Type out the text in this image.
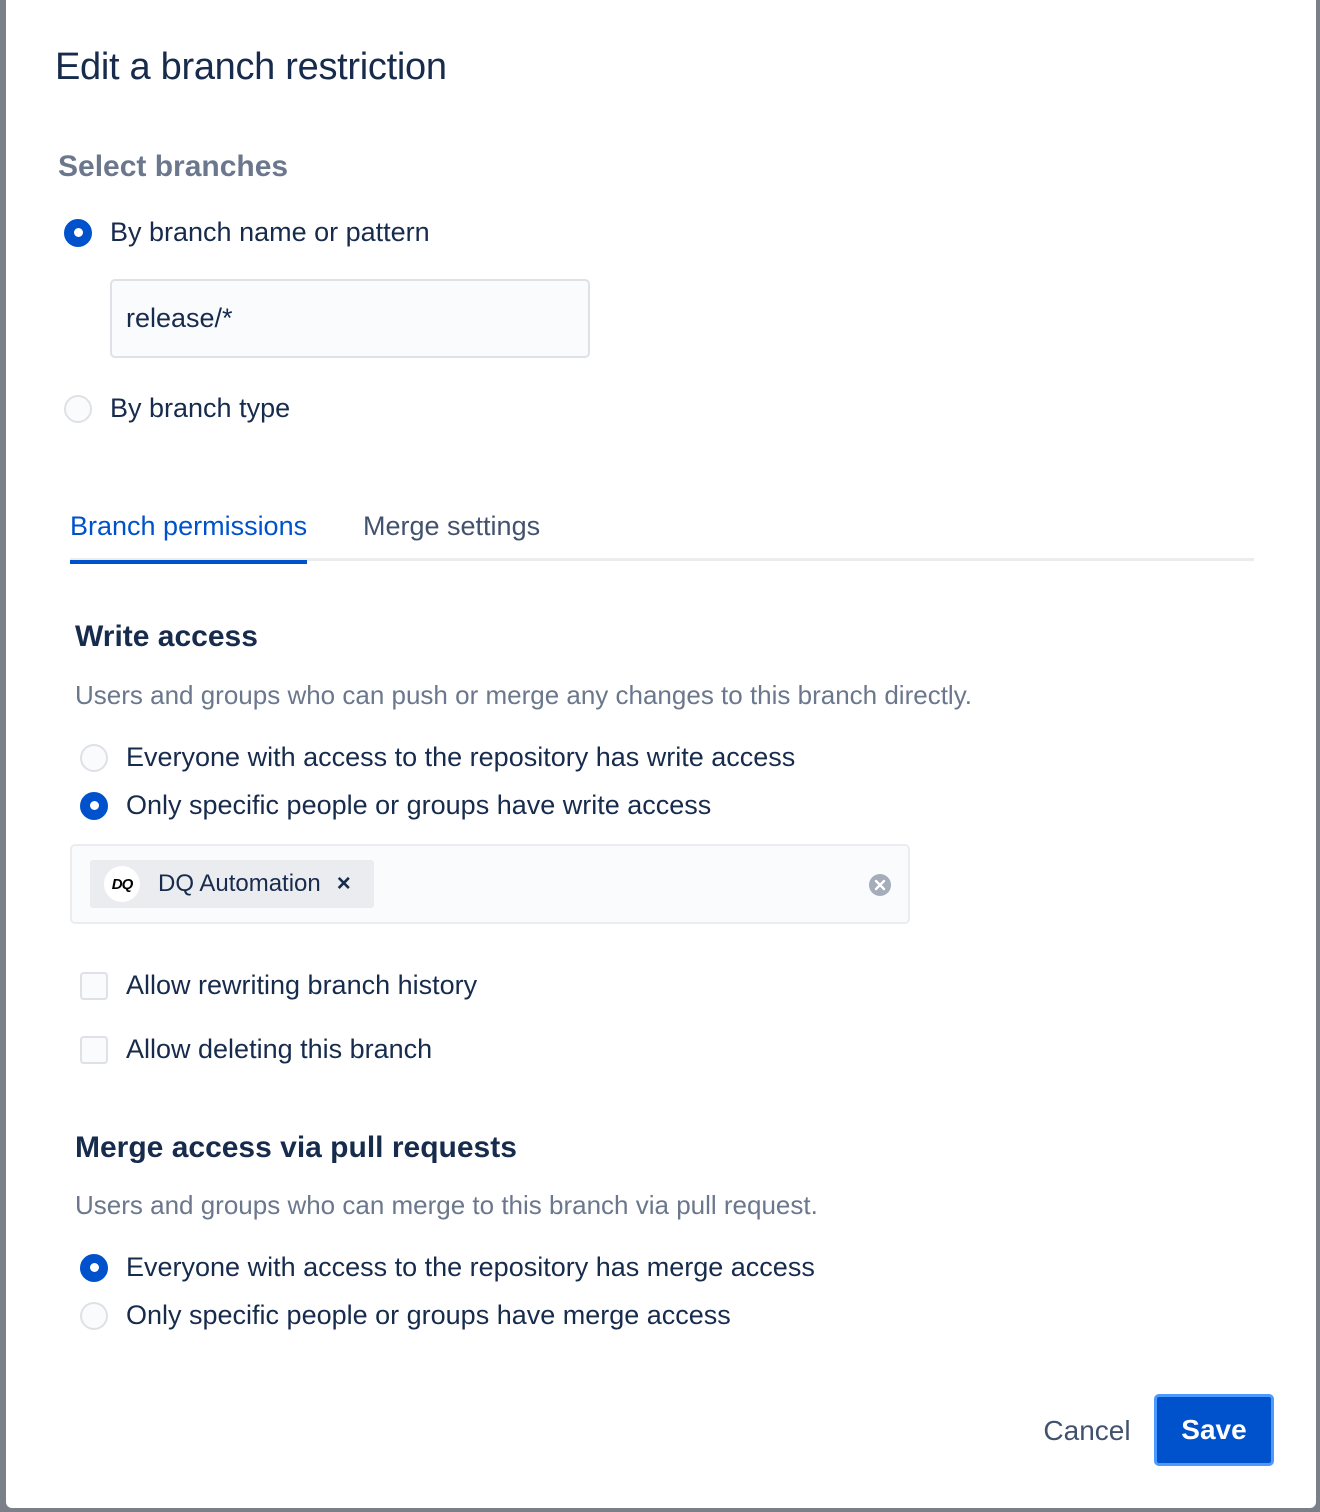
Edit a branch restriction
Select branches
By branch name or pattern
release/*
By branch type
Branch permissions Merge settings
Write access

Users and groups who can push or merge any changes to this branch directly.

Everyone with access to the repository has write access
Only specific people or groups have write access
DQ	DQ Automation ×
Allow rewriting branch history
Allow deleting this branch
Merge access via pull requests

Users and groups who can merge to this branch via pull request.

Everyone with access to the repository has merge access
Only specific people or groups have merge access
Cancel	Save
